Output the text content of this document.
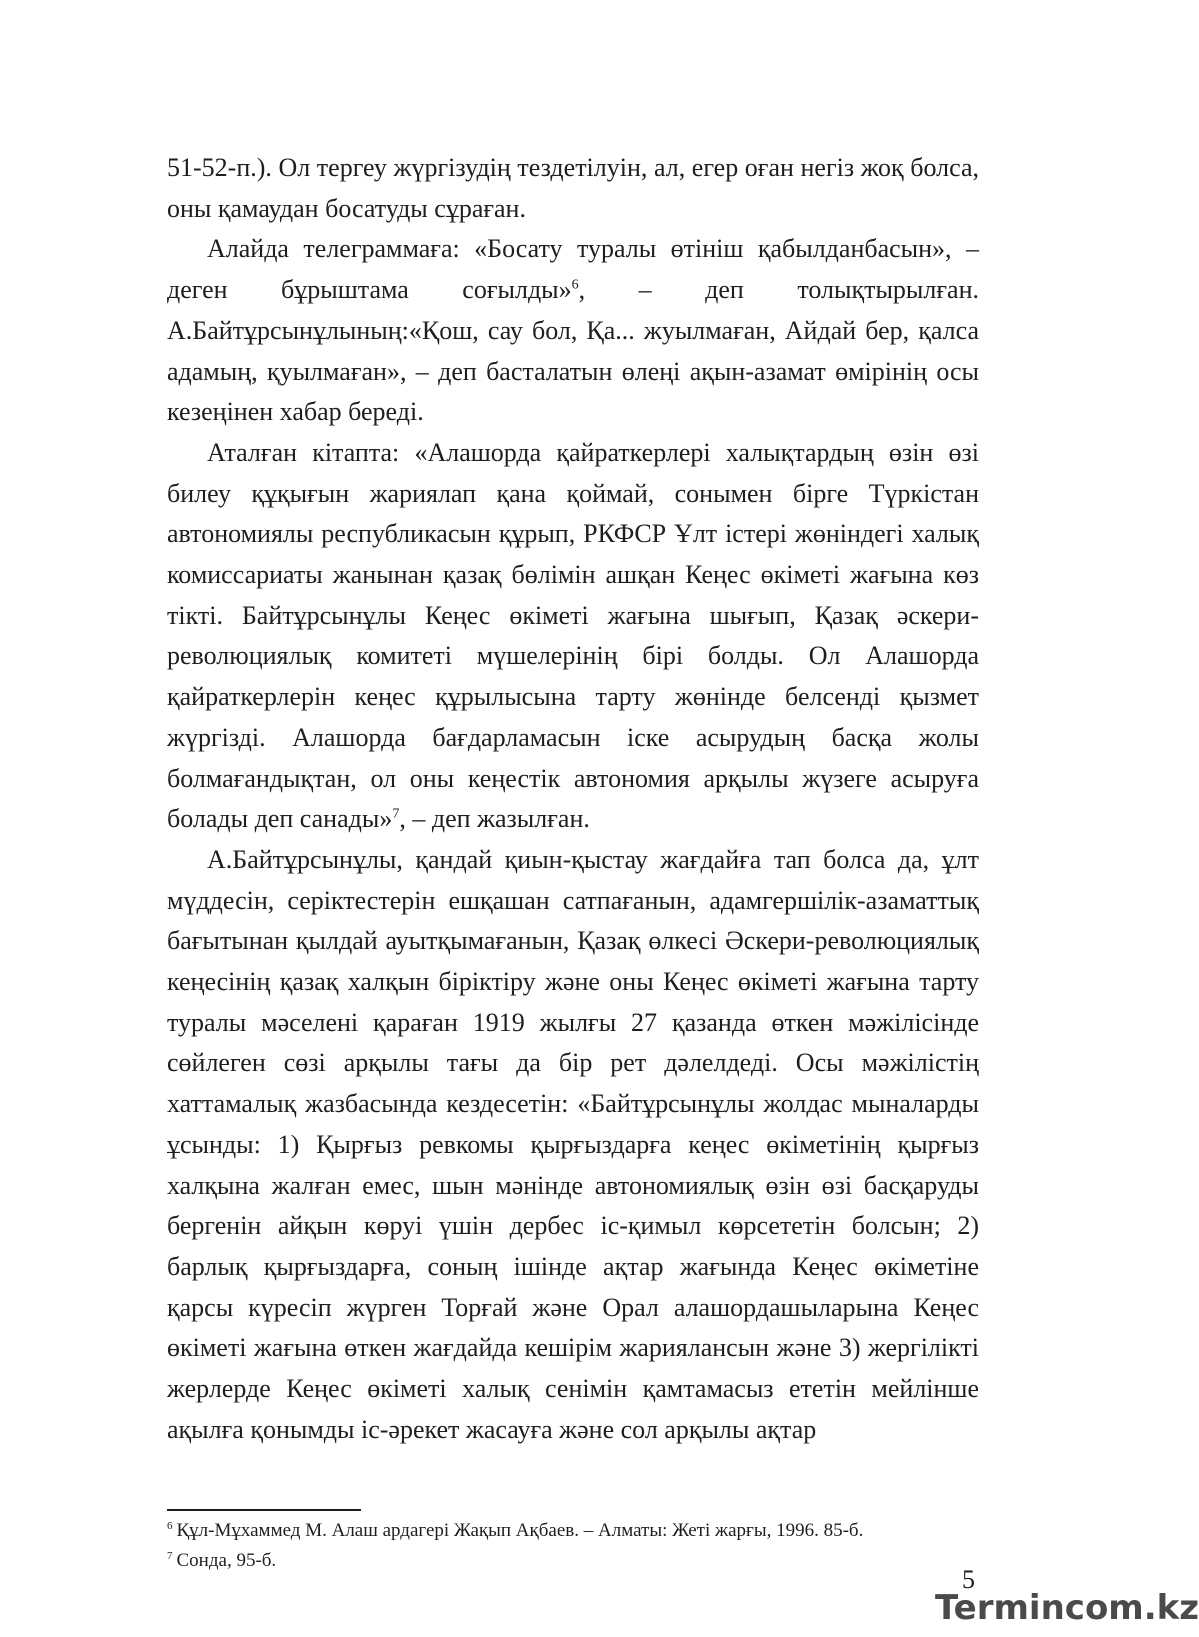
51-52-п.). Ол тергеу жүргізудің тездетілуін, ал, егер оған негіз жоқ болса, оны қамаудан босатуды сұраған.

Алайда телеграммаға: «Босату туралы өтініш қабылданбасын», – деген бұрыштама соғылды»$^6$, – деп толықтырылған. А.Байтұрсынұлының:«Қош, сау бол, Қа... жуылмаған, Айдай бер, қалса адамың, қуылмаған», – деп басталатын өлеңі ақын-азамат өмірінің осы кезеңінен хабар береді.

Аталған кітапта: «Алашорда қайраткерлері халықтардың өзін өзі билеу құқығын жариялап қана қоймай, сонымен бірге Түркістан автономиялы республикасын құрып, РКФСР Ұлт істері жөніндегі халық комиссариаты жанынан қазақ бөлімін ашқан Кеңес өкіметі жағына көз тікті. Байтұрсынұлы Кеңес өкіметі жағына шығып, Қазақ әскери-революциялық комитеті мүшелерінің бірі болды. Ол Алашорда қайраткерлерін кеңес құрылысына тарту жөнінде белсенді қызмет жүргізді. Алашорда бағдарламасын іске асырудың басқа жолы болмағандықтан, ол оны кеңестік автономия арқылы жүзеге асыруға болады деп санады»$^7$, – деп жазылған.

А.Байтұрсынұлы, қандай қиын-қыстау жағдайға тап болса да, ұлт мүддесін, серіктестерін ешқашан сатпағанын, адамгершілік-азаматтық бағытынан қылдай ауытқымағанын, Қазақ өлкесі Әскери-революциялық кеңесінің қазақ халқын біріктіру және оны Кеңес өкіметі жағына тарту туралы мәселені қараған 1919 жылғы 27 қазанда өткен мәжілісінде сөйлеген сөзі арқылы тағы да бір рет дәлелдеді. Осы мәжілістің хаттамалық жазбасында кездесетін: «Байтұрсынұлы жолдас мыналарды ұсынды: 1) Қырғыз ревкомы қырғыздарға кеңес өкіметінің қырғыз халқына жалған емес, шын мәнінде автономиялық өзін өзі басқаруды бергенін айқын көруі үшін дербес іс-қимыл көрсететін болсын; 2) барлық қырғыздарға, соның ішінде ақтар жағында Кеңес өкіметіне қарсы күресіп жүрген Торғай және Орал алашордашыларына Кеңес өкіметі жағына өткен жағдайда кешірім жариялансын және 3) жергілікті жерлерде Кеңес өкіметі халық сенімін қамтамасыз ететін мейлінше ақылға қонымды іс-әрекет жасауға және сол арқылы ақтар

$^6$ Құл-Мұхаммед М. Алаш ардагері Жақып Ақбаев. – Алматы: Жеті жарғы, 1996. 85-б.
$^7$ Сонда, 95-б.
5
Termincom.kz
